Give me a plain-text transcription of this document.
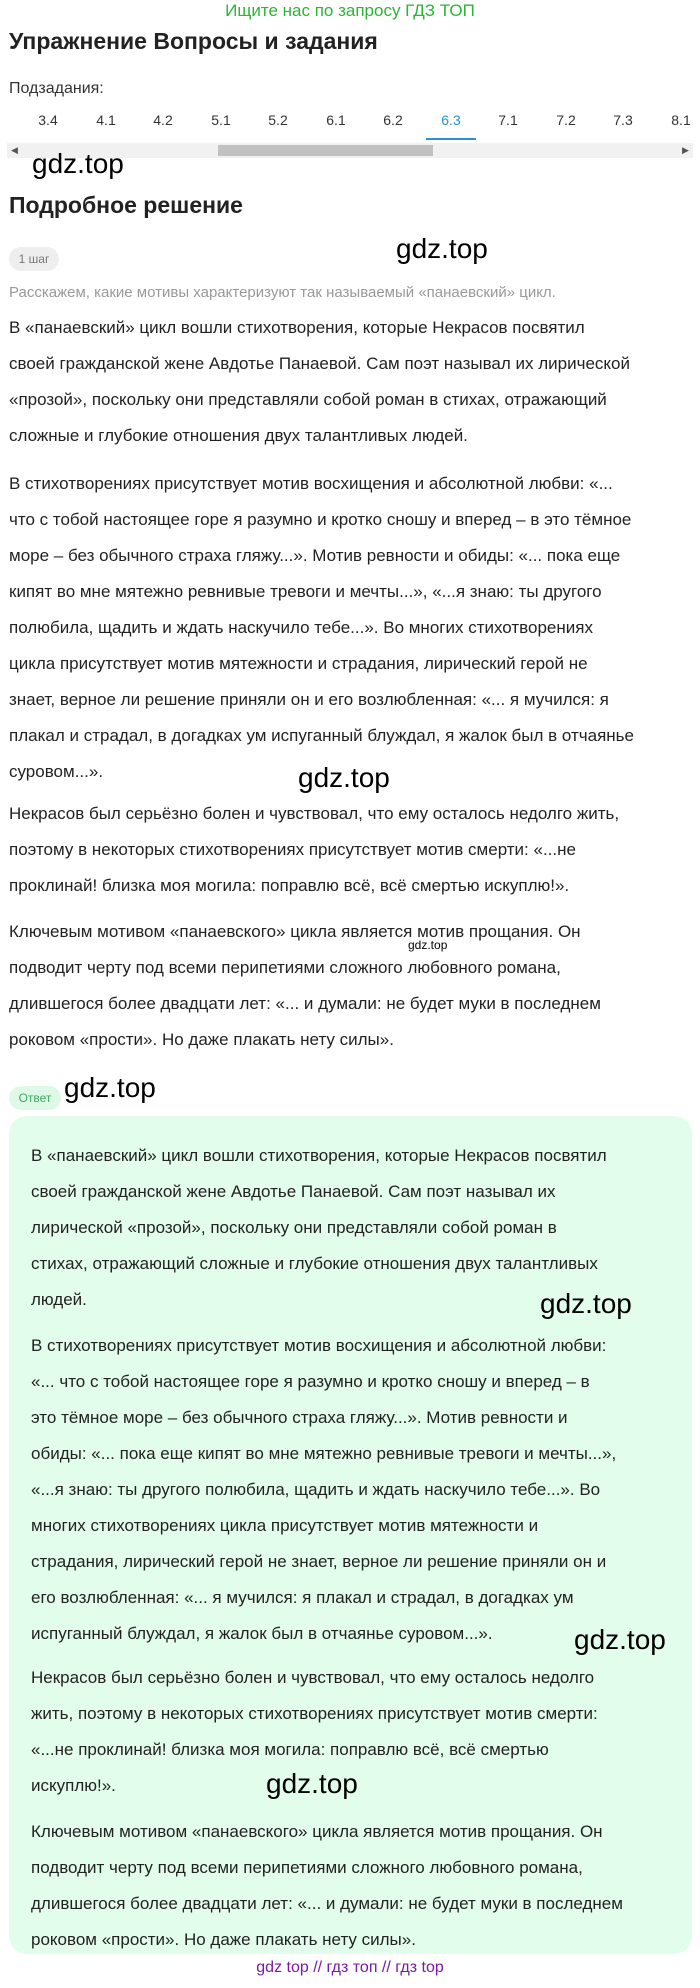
Ищите нас по запросу ГДЗ ТОП
Упражнение Вопросы и задания
Подзадания:
3.4	4.1	4.2	5.1	5.2	6.1	6.2	6.3	7.1	7.2	7.3	8.1
◀	▶
gdz.top
gdz.top
gdz.top
gdz.top
gdz.top
Подробное решение
1 шаг
Расскажем, какие мотивы характеризуют так называемый «панаевский» цикл.
В «панаевский» цикл вошли стихотворения, которые Некрасов посвятил
своей гражданской жене Авдотье Панаевой. Сам поэт называл их лирической
«прозой», поскольку они представляли собой роман в стихах, отражающий
сложные и глубокие отношения двух талантливых людей.
В стихотворениях присутствует мотив восхищения и абсолютной любви: «...
что с тобой настоящее горе я разумно и кротко сношу и вперед – в это тёмное
море – без обычного страха гляжу...». Мотив ревности и обиды: «... пока еще
кипят во мне мятежно ревнивые тревоги и мечты...», «...я знаю: ты другого
полюбила, щадить и ждать наскучило тебе...». Во многих стихотворениях
цикла присутствует мотив мятежности и страдания, лирический герой не
знает, верное ли решение приняли он и его возлюбленная: «... я мучился: я
плакал и страдал, в догадках ум испуганный блуждал, я жалок был в отчаянье
суровом...».
Некрасов был серьёзно болен и чувствовал, что ему осталось недолго жить,
поэтому в некоторых стихотворениях присутствует мотив смерти: «...не
проклинай! близка моя могила: поправлю всё, всё смертью искуплю!».
Ключевым мотивом «панаевского» цикла является мотив прощания. Он
подводит черту под всеми перипетиями сложного любовного романа,
длившегося более двадцати лет: «... и думали: не будет муки в последнем
роковом «прости». Но даже плакать нету силы».
Ответ
В «панаевский» цикл вошли стихотворения, которые Некрасов посвятил
своей гражданской жене Авдотье Панаевой. Сам поэт называл их
лирической «прозой», поскольку они представляли собой роман в
стихах, отражающий сложные и глубокие отношения двух талантливых
людей.
В стихотворениях присутствует мотив восхищения и абсолютной любви:
«... что с тобой настоящее горе я разумно и кротко сношу и вперед – в
это тёмное море – без обычного страха гляжу...». Мотив ревности и
обиды: «... пока еще кипят во мне мятежно ревнивые тревоги и мечты...»,
«...я знаю: ты другого полюбила, щадить и ждать наскучило тебе...». Во
многих стихотворениях цикла присутствует мотив мятежности и
страдания, лирический герой не знает, верное ли решение приняли он и
его возлюбленная: «... я мучился: я плакал и страдал, в догадках ум
испуганный блуждал, я жалок был в отчаянье суровом...».
Некрасов был серьёзно болен и чувствовал, что ему осталось недолго
жить, поэтому в некоторых стихотворениях присутствует мотив смерти:
«...не проклинай! близка моя могила: поправлю всё, всё смертью
искуплю!».
Ключевым мотивом «панаевского» цикла является мотив прощания. Он
подводит черту под всеми перипетиями сложного любовного романа,
длившегося более двадцати лет: «... и думали: не будет муки в последнем
роковом «прости». Но даже плакать нету силы».
gdz.top
gdz.top
gdz.top
gdz top // гдз топ // гдз top
